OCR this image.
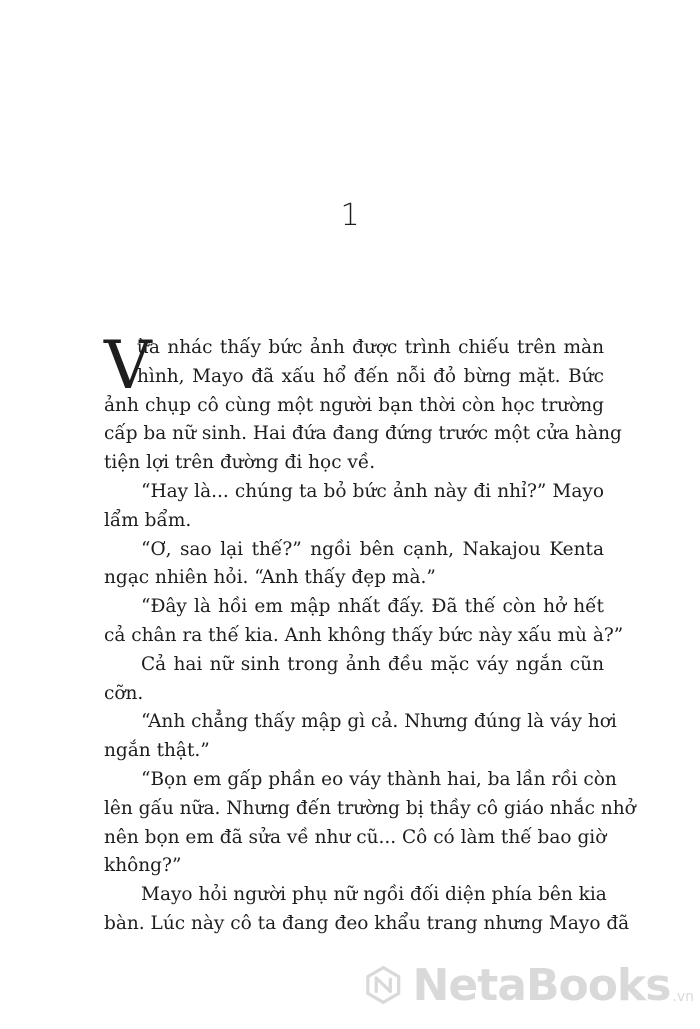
1
V
ừa nhác thấy bức ảnh được trình chiếu trên màn
hình, Mayo đã xấu hổ đến nỗi đỏ bừng mặt. Bức
ảnh chụp cô cùng một người bạn thời còn học trường
cấp ba nữ sinh. Hai đứa đang đứng trước một cửa hàng
tiện lợi trên đường đi học về.
“Hay là... chúng ta bỏ bức ảnh này đi nhỉ?” Mayo
lẩm bẩm.
“Ơ, sao lại thế?” ngồi bên cạnh, Nakajou Kenta
ngạc nhiên hỏi. “Anh thấy đẹp mà.”
“Đây là hồi em mập nhất đấy. Đã thế còn hở hết
cả chân ra thế kia. Anh không thấy bức này xấu mù à?”
Cả hai nữ sinh trong ảnh đều mặc váy ngắn cũn
cỡn.
“Anh chẳng thấy mập gì cả. Nhưng đúng là váy hơi
ngắn thật.”
“Bọn em gấp phần eo váy thành hai, ba lần rồi còn
lên gấu nữa. Nhưng đến trường bị thầy cô giáo nhắc nhở
nên bọn em đã sửa về như cũ... Cô có làm thế bao giờ
không?”
Mayo hỏi người phụ nữ ngồi đối diện phía bên kia
bàn. Lúc này cô ta đang đeo khẩu trang nhưng Mayo đã
NetaBooks .vn
